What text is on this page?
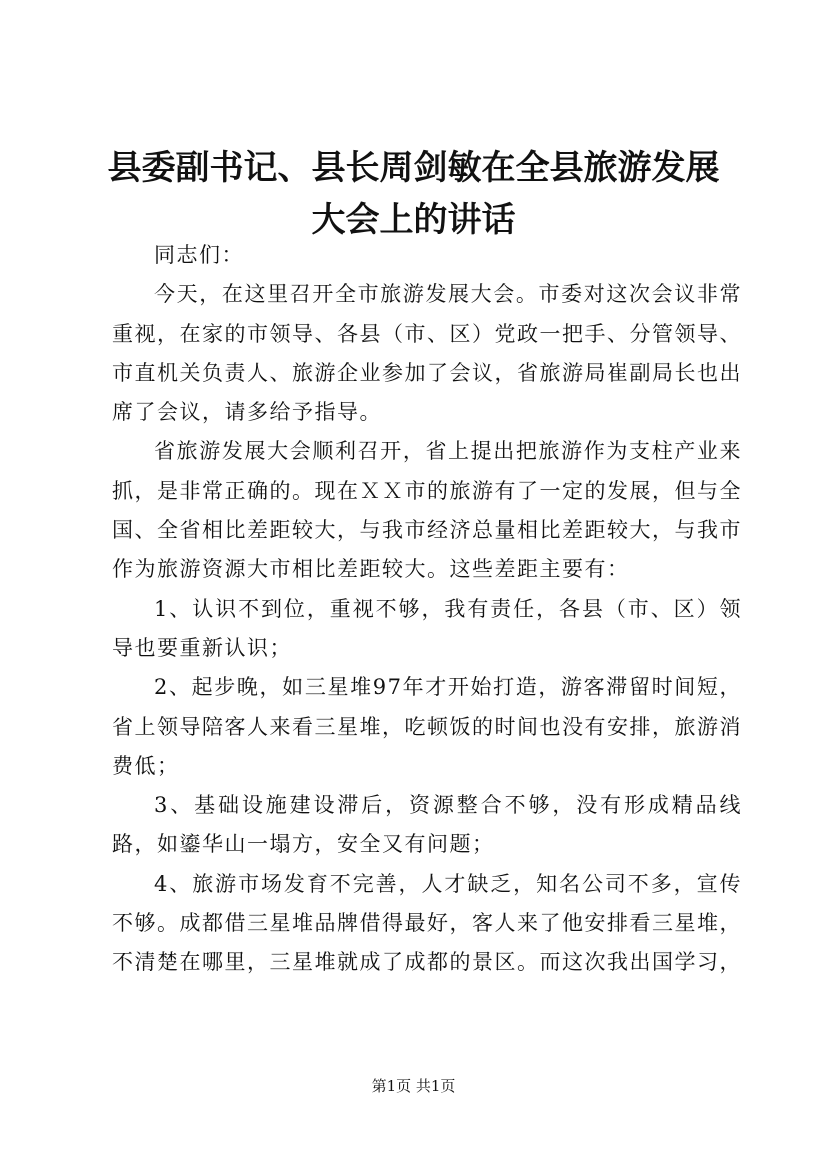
县委副书记、县长周剑敏在全县旅游发展大会上的讲话

同志们：

今天，在这里召开全市旅游发展大会。市委对这次会议非常重视，在家的市领导、各县（市、区）党政一把手、分管领导、市直机关负责人、旅游企业参加了会议，省旅游局崔副局长也出席了会议，请多给予指导。

省旅游发展大会顺利召开，省上提出把旅游作为支柱产业来抓，是非常正确的。现在ＸＸ市的旅游有了一定的发展，但与全国、全省相比差距较大，与我市经济总量相比差距较大，与我市作为旅游资源大市相比差距较大。这些差距主要有：

1、认识不到位，重视不够，我有责任，各县（市、区）领导也要重新认识；

2、起步晚，如三星堆97年才开始打造，游客滞留时间短，省上领导陪客人来看三星堆，吃顿饭的时间也没有安排，旅游消费低；

3、基础设施建设滞后，资源整合不够，没有形成精品线路，如鎏华山一塌方，安全又有问题；

4、旅游市场发育不完善，人才缺乏，知名公司不多，宣传不够。成都借三星堆品牌借得最好，客人来了他安排看三星堆，不清楚在哪里，三星堆就成了成都的景区。而这次我出国学习，

第1页 共1页
